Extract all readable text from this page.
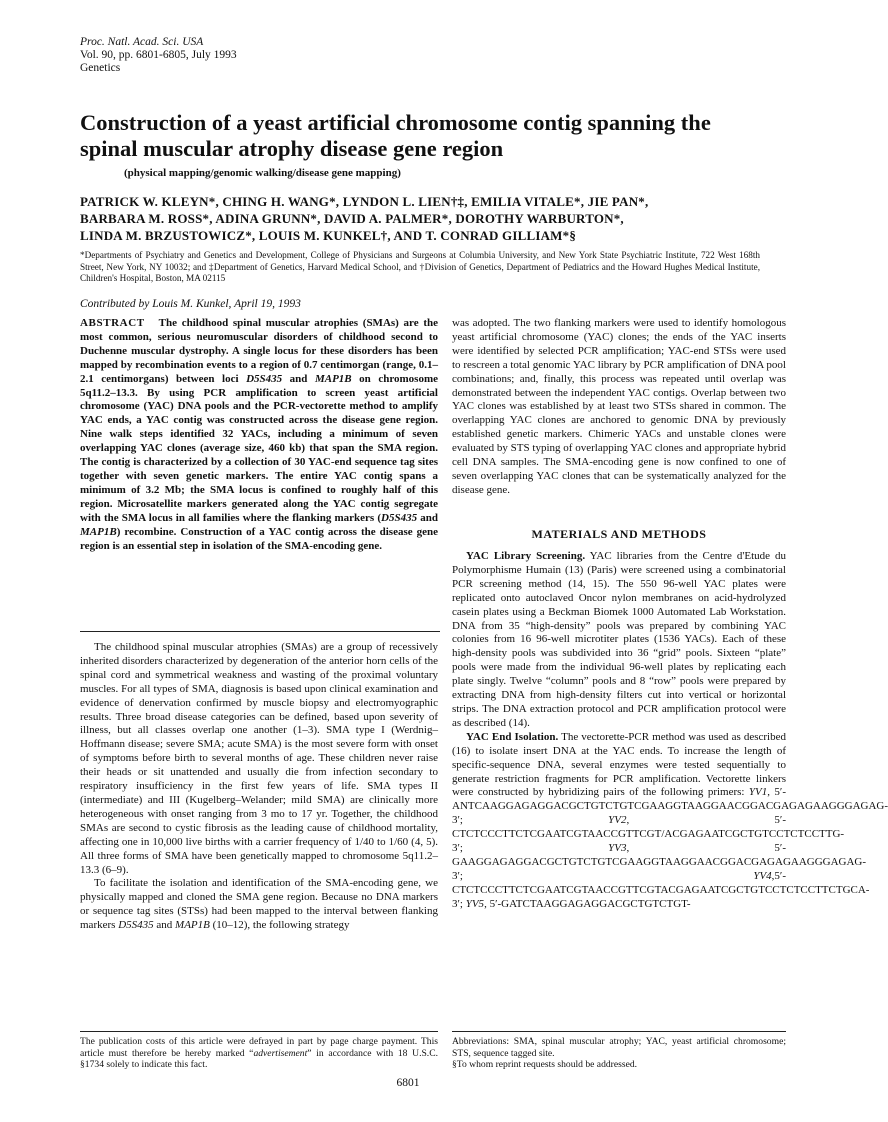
Proc. Natl. Acad. Sci. USA
Vol. 90, pp. 6801-6805, July 1993
Genetics
Construction of a yeast artificial chromosome contig spanning the spinal muscular atrophy disease gene region
(physical mapping/genomic walking/disease gene mapping)
PATRICK W. KLEYN*, CHING H. WANG*, LYNDON L. LIEN†‡, EMILIA VITALE*, JIE PAN*,
BARBARA M. ROSS*, ADINA GRUNN*, DAVID A. PALMER*, DOROTHY WARBURTON*,
LINDA M. BRZUSTOWICZ*, LOUIS M. KUNKEL†, AND T. CONRAD GILLIAM*§
*Departments of Psychiatry and Genetics and Development, College of Physicians and Surgeons at Columbia University, and New York State Psychiatric Institute, 722 West 168th Street, New York, NY 10032; and ‡Department of Genetics, Harvard Medical School, and †Division of Genetics, Department of Pediatrics and the Howard Hughes Medical Institute, Children's Hospital, Boston, MA 02115
Contributed by Louis M. Kunkel, April 19, 1993
ABSTRACT The childhood spinal muscular atrophies (SMAs) are the most common, serious neuromuscular disorders of childhood second to Duchenne muscular dystrophy. A single locus for these disorders has been mapped by recombination events to a region of 0.7 centimorgan (range, 0.1–2.1 centimorgans) between loci D5S435 and MAP1B on chromosome 5q11.2–13.3. By using PCR amplification to screen yeast artificial chromosome (YAC) DNA pools and the PCR-vectorette method to amplify YAC ends, a YAC contig was constructed across the disease gene region. Nine walk steps identified 32 YACs, including a minimum of seven overlapping YAC clones (average size, 460 kb) that span the SMA region. The contig is characterized by a collection of 30 YAC-end sequence tag sites together with seven genetic markers. The entire YAC contig spans a minimum of 3.2 Mb; the SMA locus is confined to roughly half of this region. Microsatellite markers generated along the YAC contig segregate with the SMA locus in all families where the flanking markers (D5S435 and MAP1B) recombine. Construction of a YAC contig across the disease gene region is an essential step in isolation of the SMA-encoding gene.

The childhood spinal muscular atrophies (SMAs) are a group of recessively inherited disorders characterized by degeneration of the anterior horn cells of the spinal cord and symmetrical weakness and wasting of the proximal voluntary muscles. For all types of SMA, diagnosis is based upon clinical examination and evidence of denervation confirmed by muscle biopsy and electromyographic results. Three broad disease categories can be defined, based upon severity of illness, but all classes overlap one another (1–3). SMA type I (Werdnig–Hoffmann disease; severe SMA; acute SMA) is the most severe form with onset of symptoms before birth to several months of age. These children never raise their heads or sit unattended and usually die from infection secondary to respiratory insufficiency in the first few years of life. SMA types II (intermediate) and III (Kugelberg–Welander; mild SMA) are clinically more heterogeneous with onset ranging from 3 mo to 17 yr. Together, the childhood SMAs are second to cystic fibrosis as the leading cause of childhood mortality, affecting one in 10,000 live births with a carrier frequency of 1/40 to 1/60 (4, 5). All three forms of SMA have been genetically mapped to chromosome 5q11.2–13.3 (6–9).

To facilitate the isolation and identification of the SMA-encoding gene, we physically mapped and cloned the SMA gene region. Because no DNA markers or sequence tag sites (STSs) had been mapped to the interval between flanking markers D5S435 and MAP1B (10–12), the following strategy

was adopted. The two flanking markers were used to identify homologous yeast artificial chromosome (YAC) clones; the ends of the YAC inserts were identified by selected PCR amplification; YAC-end STSs were used to rescreen a total genomic YAC library by PCR amplification of DNA pool combinations; and, finally, this process was repeated until overlap was demonstrated between the independent YAC contigs. Overlap between two YAC clones was established by at least two STSs shared in common. The overlapping YAC clones are anchored to genomic DNA by previously established genetic markers. Chimeric YACs and unstable clones were evaluated by STS typing of overlapping YAC clones and appropriate hybrid cell DNA samples. The SMA-encoding gene is now confined to one of seven overlapping YAC clones that can be systematically analyzed for the disease gene.
MATERIALS AND METHODS

YAC Library Screening. YAC libraries from the Centre d'Etude du Polymorphisme Humain (13) (Paris) were screened using a combinatorial PCR screening method (14, 15). The 550 96-well YAC plates were replicated onto autoclaved Oncor nylon membranes on acid-hydrolyzed casein plates using a Beckman Biomek 1000 Automated Lab Workstation. DNA from 35 “high-density” pools was prepared by combining YAC colonies from 16 96-well microtiter plates (1536 YACs). Each of these high-density pools was subdivided into 36 “grid” pools. Sixteen “plate” pools were made from the individual 96-well plates by replicating each plate singly. Twelve “column” pools and 8 “row” pools were prepared by extracting DNA from high-density filters cut into vertical or horizontal strips. The DNA extraction protocol and PCR amplification protocol were as described (14).

YAC End Isolation. The vectorette-PCR method was used as described (16) to isolate insert DNA at the YAC ends. To increase the length of specific-sequence DNA, several enzymes were tested sequentially to generate restriction fragments for PCR amplification. Vectorette linkers were constructed by hybridizing pairs of the following primers: YV1, 5′-ANTCAAGGAGAGGACGCTGTCTGTCGAAGGTAAGGAACGGACGAGAGAAGGGAGAG-3′; YV2, 5′-CTCTCCCTTCTCGAATCGTAACCGTTCGT/ACGAGAATCGCTGTCCTCTCCTTG-3′; YV3, 5′-GAAGGAGAGGACGCTGTCTGTCGAAGGTAAGGAACGGACGAGAGAAGGGAGAG-3′; YV4,5′-CTCTCCCTTCTCGAATCGTAACCGTTCGTACGAGAATCGCTGTCCTCTCCTTCTGCA-3′; YV5, 5′-GATCTAAGGAGAGGACGCTGTCTGT-

The publication costs of this article were defrayed in part by page charge payment. This article must therefore be hereby marked “advertisement” in accordance with 18 U.S.C. §1734 solely to indicate this fact.
Abbreviations: SMA, spinal muscular atrophy; YAC, yeast artificial chromosome; STS, sequence tagged site.
§To whom reprint requests should be addressed.
6801
